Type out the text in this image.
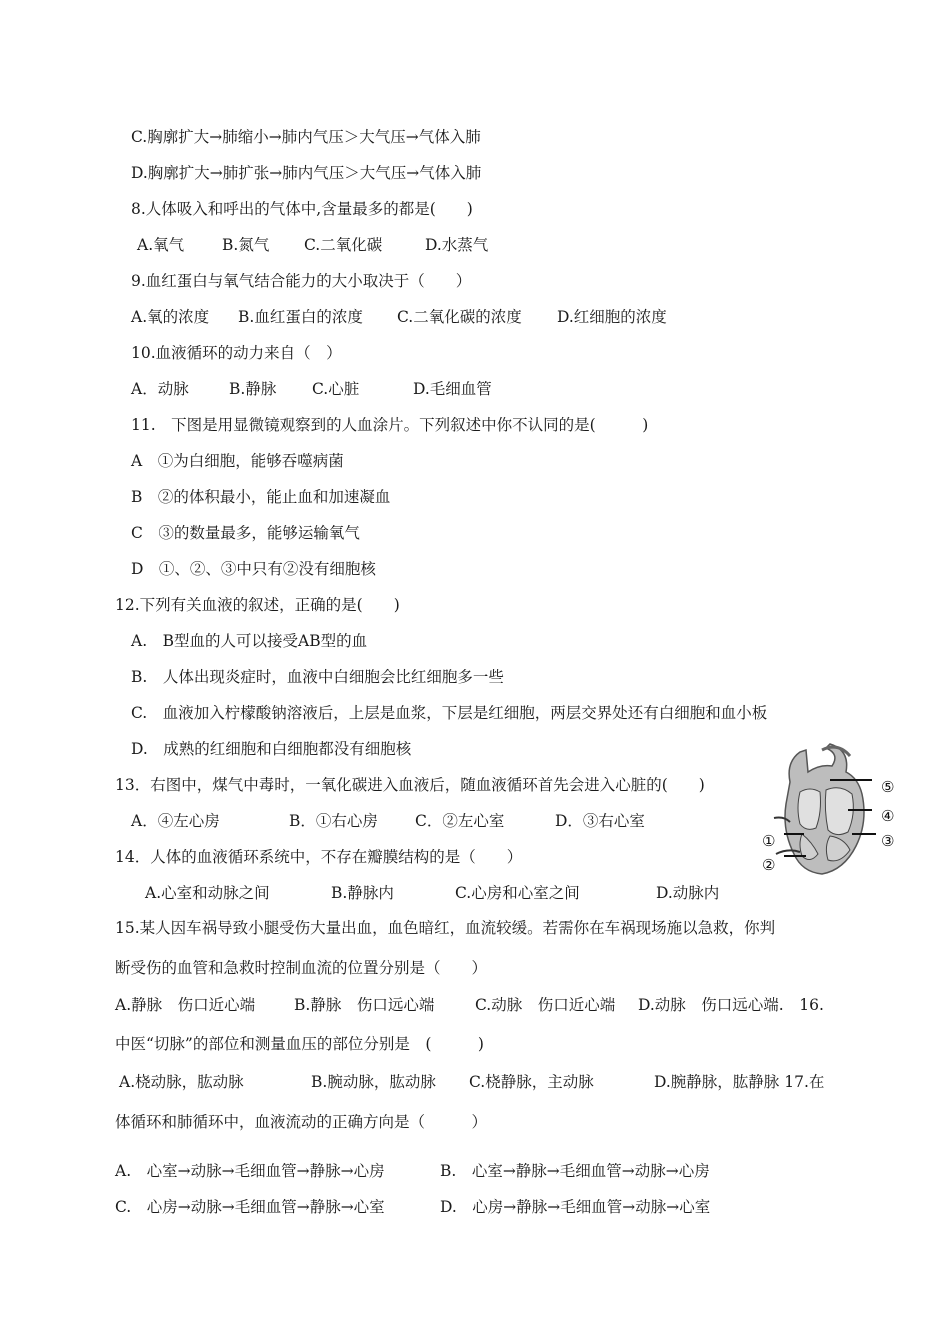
C.胸廓扩大→肺缩小→肺内气压＞大气压→气体入肺
D.胸廓扩大→肺扩张→肺内气压＞大气压→气体入肺
8.人体吸入和呼出的气体中,含量最多的都是(　　)
A.氧气 B.氮气 C.二氧化碳	D.水蒸气
9.血红蛋白与氧气结合能力的大小取决于（　　）
A.氧的浓度 B.血红蛋白的浓度 C.二氧化碳的浓度 D.红细胞的浓度
10.血液循环的动力来自（　）
A．动脉	B.静脉 C.心脏	D.毛细血管
11.　下图是用显微镜观察到的人血涂片。下列叙述中你不认同的是(　　　)
A　①为白细胞，能够吞噬病菌
B　②的体积最小，能止血和加速凝血
C　③的数量最多，能够运输氧气
D　①、②、③中只有②没有细胞核
12.下列有关血液的叙述，正确的是(　　)
A.　B型血的人可以接受AB型的血
B.　人体出现炎症时，血液中白细胞会比红细胞多一些
C.　血液加入柠檬酸钠溶液后，上层是血浆，下层是红细胞，两层交界处还有白细胞和血小板
D.　成熟的红细胞和白细胞都没有细胞核
13．右图中，煤气中毒时，一氧化碳进入血液后，随血液循环首先会进入心脏的(　　)
A．④左心房	B．①右心房 C．②左心室	D．③右心室
14．人体的血液循环系统中，不存在瓣膜结构的是（　　）
A.心室和动脉之间	B.静脉内	C.心房和心室之间	D.动脉内
15.某人因车祸导致小腿受伤大量出血，血色暗红，血流较缓。若需你在车祸现场施以急救，你判
断受伤的血管和急救时控制血流的位置分别是（　　）
A.静脉　伤口近心端	B.静脉　伤口远心端	C.动脉　伤口近心端 D.动脉　伤口远心端.　16.
中医“切脉”的部位和测量血压的部位分别是　(　　　)
A.桡动脉，肱动脉	B.腕动脉，肱动脉 C.桡静脉，主动脉	D.腕静脉，肱静脉 17.在
体循环和肺循环中，血液流动的正确方向是（　　　）
A.　心室→动脉→毛细血管→静脉→心房	B.　心室→静脉→毛细血管→动脉→心房
C.　心房→动脉→毛细血管→静脉→心室	D.　心房→静脉→毛细血管→动脉→心室
⑤
④
③
①
②
